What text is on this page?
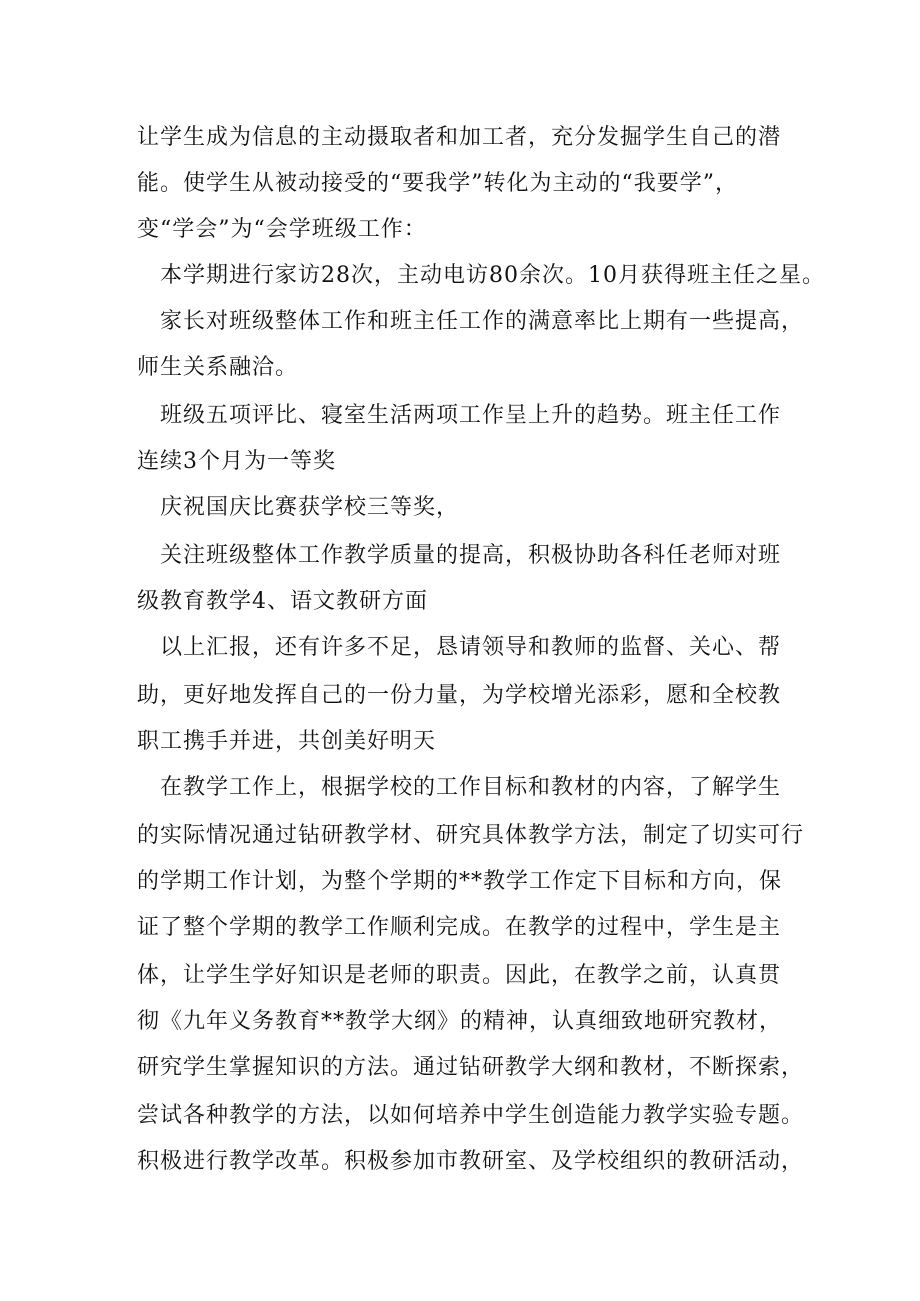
让学生成为信息的主动摄取者和加工者，充分发掘学生自己的潜
能。使学生从被动接受的“要我学”转化为主动的“我要学”，
变“学会”为“会学班级工作：
本学期进行家访28次，主动电访80余次。10月获得班主任之星。
家长对班级整体工作和班主任工作的满意率比上期有一些提高，
师生关系融洽。
班级五项评比、寝室生活两项工作呈上升的趋势。班主任工作
连续3个月为一等奖
庆祝国庆比赛获学校三等奖，
关注班级整体工作教学质量的提高，积极协助各科任老师对班
级教育教学4、语文教研方面
以上汇报，还有许多不足，恳请领导和教师的监督、关心、帮
助，更好地发挥自己的一份力量，为学校增光添彩，愿和全校教
职工携手并进，共创美好明天
在教学工作上，根据学校的工作目标和教材的内容，了解学生
的实际情况通过钻研教学材、研究具体教学方法，制定了切实可行
的学期工作计划，为整个学期的**教学工作定下目标和方向，保
证了整个学期的教学工作顺利完成。在教学的过程中，学生是主
体，让学生学好知识是老师的职责。因此，在教学之前，认真贯
彻《九年义务教育**教学大纲》的精神，认真细致地研究教材，
研究学生掌握知识的方法。通过钻研教学大纲和教材，不断探索，
尝试各种教学的方法，以如何培养中学生创造能力教学实验专题。
积极进行教学改革。积极参加市教研室、及学校组织的教研活动，
